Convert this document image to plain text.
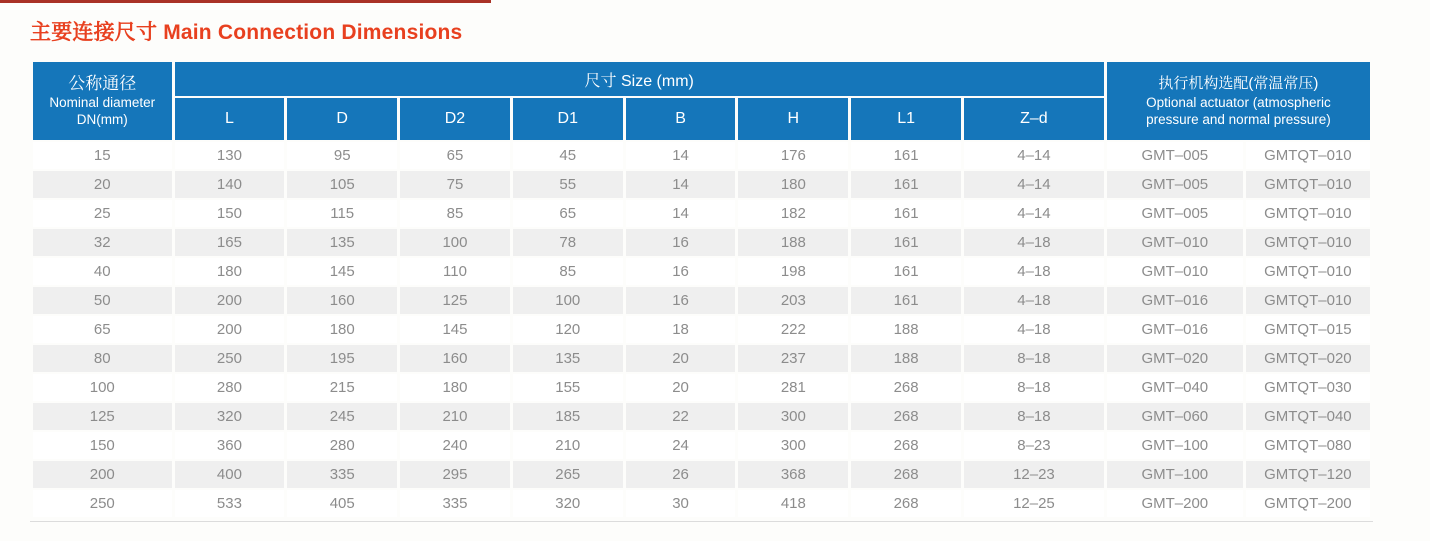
主要连接尺寸 Main Connection Dimensions
公称通径
Nominal diameter
DN(mm)	尺寸 Size (mm)								执行机构选配(常温常压)
Optional actuator (atmospheric
pressure and normal pressure)	
	L	D	D2	D1	B	H	L1	Z–d		
15	130	95	65	45	14	176	161	4–14	GMT–005	GMTQT–010
20	140	105	75	55	14	180	161	4–14	GMT–005	GMTQT–010
25	150	115	85	65	14	182	161	4–14	GMT–005	GMTQT–010
32	165	135	100	78	16	188	161	4–18	GMT–010	GMTQT–010
40	180	145	110	85	16	198	161	4–18	GMT–010	GMTQT–010
50	200	160	125	100	16	203	161	4–18	GMT–016	GMTQT–010
65	200	180	145	120	18	222	188	4–18	GMT–016	GMTQT–015
80	250	195	160	135	20	237	188	8–18	GMT–020	GMTQT–020
100	280	215	180	155	20	281	268	8–18	GMT–040	GMTQT–030
125	320	245	210	185	22	300	268	8–18	GMT–060	GMTQT–040
150	360	280	240	210	24	300	268	8–23	GMT–100	GMTQT–080
200	400	335	295	265	26	368	268	12–23	GMT–100	GMTQT–120
250	533	405	335	320	30	418	268	12–25	GMT–200	GMTQT–200
